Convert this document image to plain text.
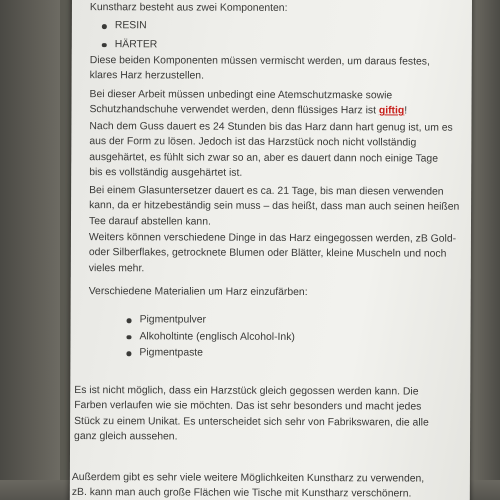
Kunstharz besteht aus zwei Komponenten:
RESIN
HÄRTER
Diese beiden Komponenten müssen vermischt werden, um daraus festes,
klares Harz herzustellen.
Bei dieser Arbeit müssen unbedingt eine Atemschutzmaske sowie
Schutzhandschuhe verwendet werden, denn flüssiges Harz ist giftig!
Nach dem Guss dauert es 24 Stunden bis das Harz dann hart genug ist, um es
aus der Form zu lösen. Jedoch ist das Harzstück noch nicht vollständig
ausgehärtet, es fühlt sich zwar so an, aber es dauert dann noch einige Tage
bis es vollständig ausgehärtet ist.
Bei einem Glasuntersetzer dauert es ca. 21 Tage, bis man diesen verwenden
kann, da er hitzebeständig sein muss – das heißt, dass man auch seinen heißen
Tee darauf abstellen kann.
Weiters können verschiedene Dinge in das Harz eingegossen werden, zB Gold-
oder Silberflakes, getrocknete Blumen oder Blätter, kleine Muscheln und noch
vieles mehr.
Verschiedene Materialien um Harz einzufärben:
Pigmentpulver
Alkoholtinte (englisch Alcohol-Ink)
Pigmentpaste
Es ist nicht möglich, dass ein Harzstück gleich gegossen werden kann. Die
Farben verlaufen wie sie möchten. Das ist sehr besonders und macht jedes
Stück zu einem Unikat. Es unterscheidet sich sehr von Fabrikswaren, die alle
ganz gleich aussehen.
Außerdem gibt es sehr viele weitere Möglichkeiten Kunstharz zu verwenden,
zB. kann man auch große Flächen wie Tische mit Kunstharz verschönern.
